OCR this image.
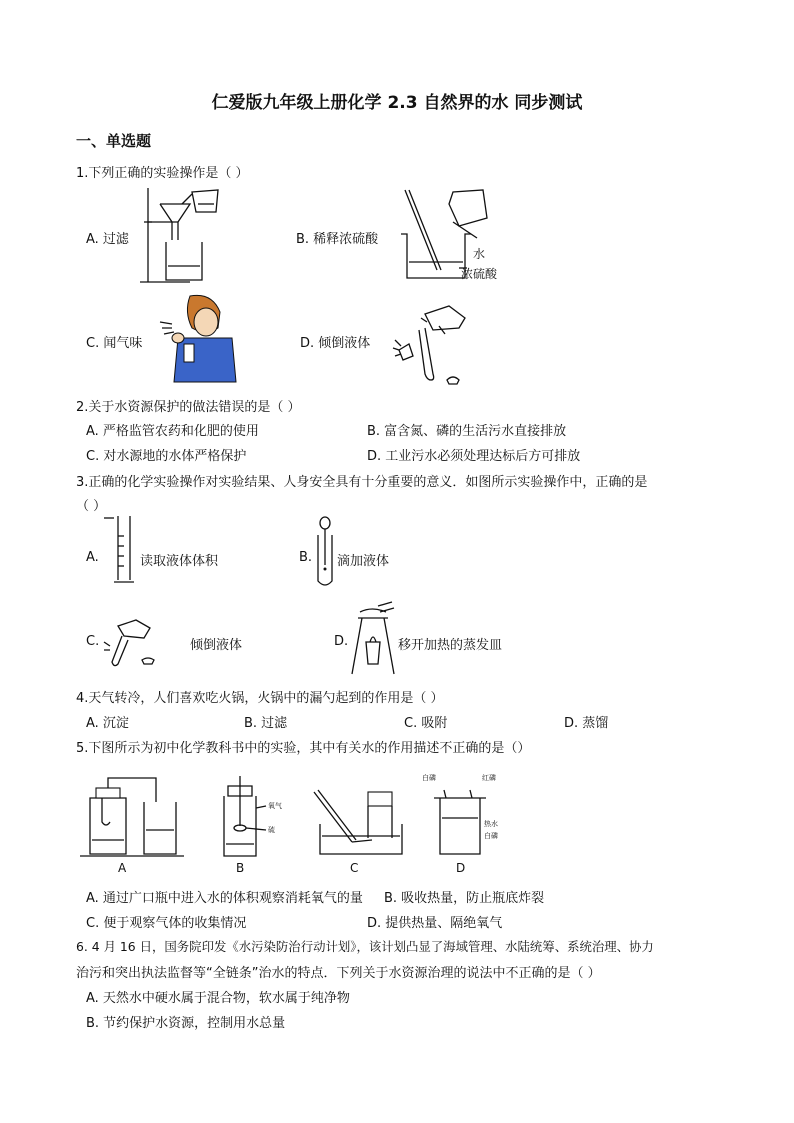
仁爱版九年级上册化学 2.3 自然界的水 同步测试
一、单选题
1.下列正确的实验操作是（ ）
A. 过滤	B. 稀释浓硫酸
水
浓硫酸
C. 闻气味	D. 倾倒液体
2.关于水资源保护的做法错误的是（ ）
A. 严格监管农药和化肥的使用	B. 富含氮、磷的生活污水直接排放
C. 对水源地的水体严格保护	D. 工业污水必须处理达标后方可排放
3.正确的化学实验操作对实验结果、人身安全具有十分重要的意义．如图所示实验操作中，正确的是
（ ）
A.	读取液体体积	B. 滴加液体
C.	倾倒液体	D.	移开加热的蒸发皿
4.天气转冷，人们喜欢吃火锅，火锅中的漏勺起到的作用是（ ）
A. 沉淀	B. 过滤	C. 吸附	D. 蒸馏
5.下图所示为初中化学教科书中的实验，其中有关水的作用描述不正确的是（）
A
氧气
硫
B	C
白磷	红磷
热水
白磷
D
A. 通过广口瓶中进入水的体积观察消耗氧气的量 B. 吸收热量，防止瓶底炸裂
C. 便于观察气体的收集情况	D. 提供热量、隔绝氧气
6. 4 月 16 日，国务院印发《水污染防治行动计划》，该计划凸显了海域管理、水陆统筹、系统治理、协力
治污和突出执法监督等“全链条”治水的特点．下列关于水资源治理的说法中不正确的是（ ）
A. 天然水中硬水属于混合物，软水属于纯净物
B. 节约保护水资源，控制用水总量
